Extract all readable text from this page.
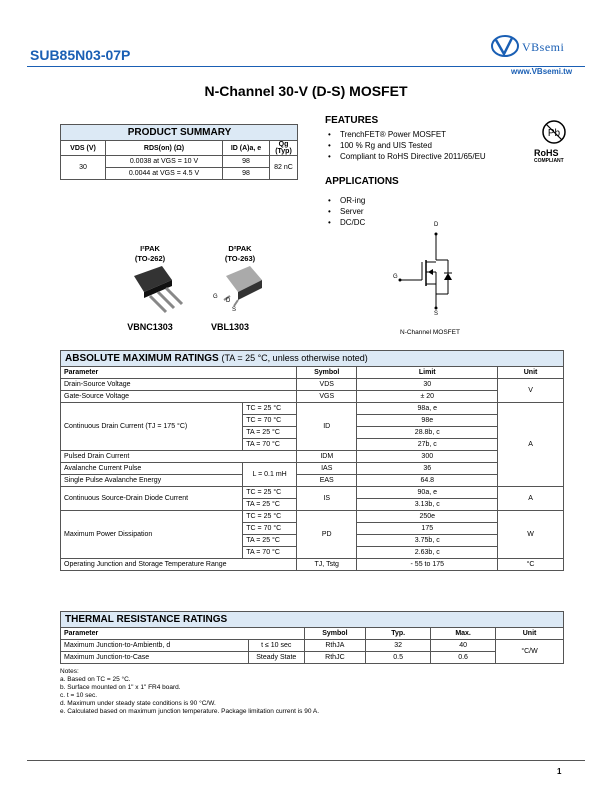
SUB85N03-07P	VBsemi
www.VBsemi.tw
N-Channel 30-V (D-S) MOSFET
PRODUCT SUMMARY			
VDS (V)	RDS(on) (Ω)	ID (A)a, e	Qg (Typ)
30	0.0038 at VGS = 10 V	98	82 nC
	0.0044 at VGS = 4.5 V	98	
FEATURES
• TrenchFET® Power MOSFET
• 100 % Rg and UIS Tested
• Compliant to RoHS Directive 2011/65/EU
Pb
RoHS
COMPLIANT
APPLICATIONS
• OR-ing
• Server
• DC/DC
I²PAK
(TO-262)
D²PAK
(TO-263)
G
D
S
VBNC1303	VBL1303
D
G
S
N-Channel MOSFET
ABSOLUTE MAXIMUM RATINGS (TA = 25 °C, unless otherwise noted)				
Parameter		Symbol	Limit	Unit
Drain-Source Voltage		VDS	30	V
Gate-Source Voltage		VGS	± 20	
Continuous Drain Current (TJ = 175 °C)	TC = 25 °C	ID	98a, e	A
	TC = 70 °C		98e	
	TA = 25 °C		28.8b, c	
	TA = 70 °C		27b, c	
Pulsed Drain Current		IDM	300	
Avalanche Current Pulse	L = 0.1 mH	IAS	36	
Single Pulse Avalanche Energy		EAS	64.8	
Continuous Source-Drain Diode Current	TC = 25 °C	IS	90a, e	A
	TA = 25 °C		3.13b, c	
Maximum Power Dissipation	TC = 25 °C	PD	250e	W
	TC = 70 °C		175	
	TA = 25 °C		3.75b, c	
	TA = 70 °C		2.63b, c	
Operating Junction and Storage Temperature Range		TJ, Tstg	- 55 to 175	°C
THERMAL RESISTANCE RATINGS					
Parameter		Symbol	Typ.	Max.	Unit
Maximum Junction-to-Ambientb, d	t ≤ 10 sec	RthJA	32	40	°C/W
Maximum Junction-to-Case	Steady State	RthJC	0.5	0.6	
Notes:
a. Based on TC = 25 °C.
b. Surface mounted on 1" x 1" FR4 board.
c. t = 10 sec.
d. Maximum under steady state conditions is 90 °C/W.
e. Calculated based on maximum junction temperature. Package limitation current is 90 A.
1
